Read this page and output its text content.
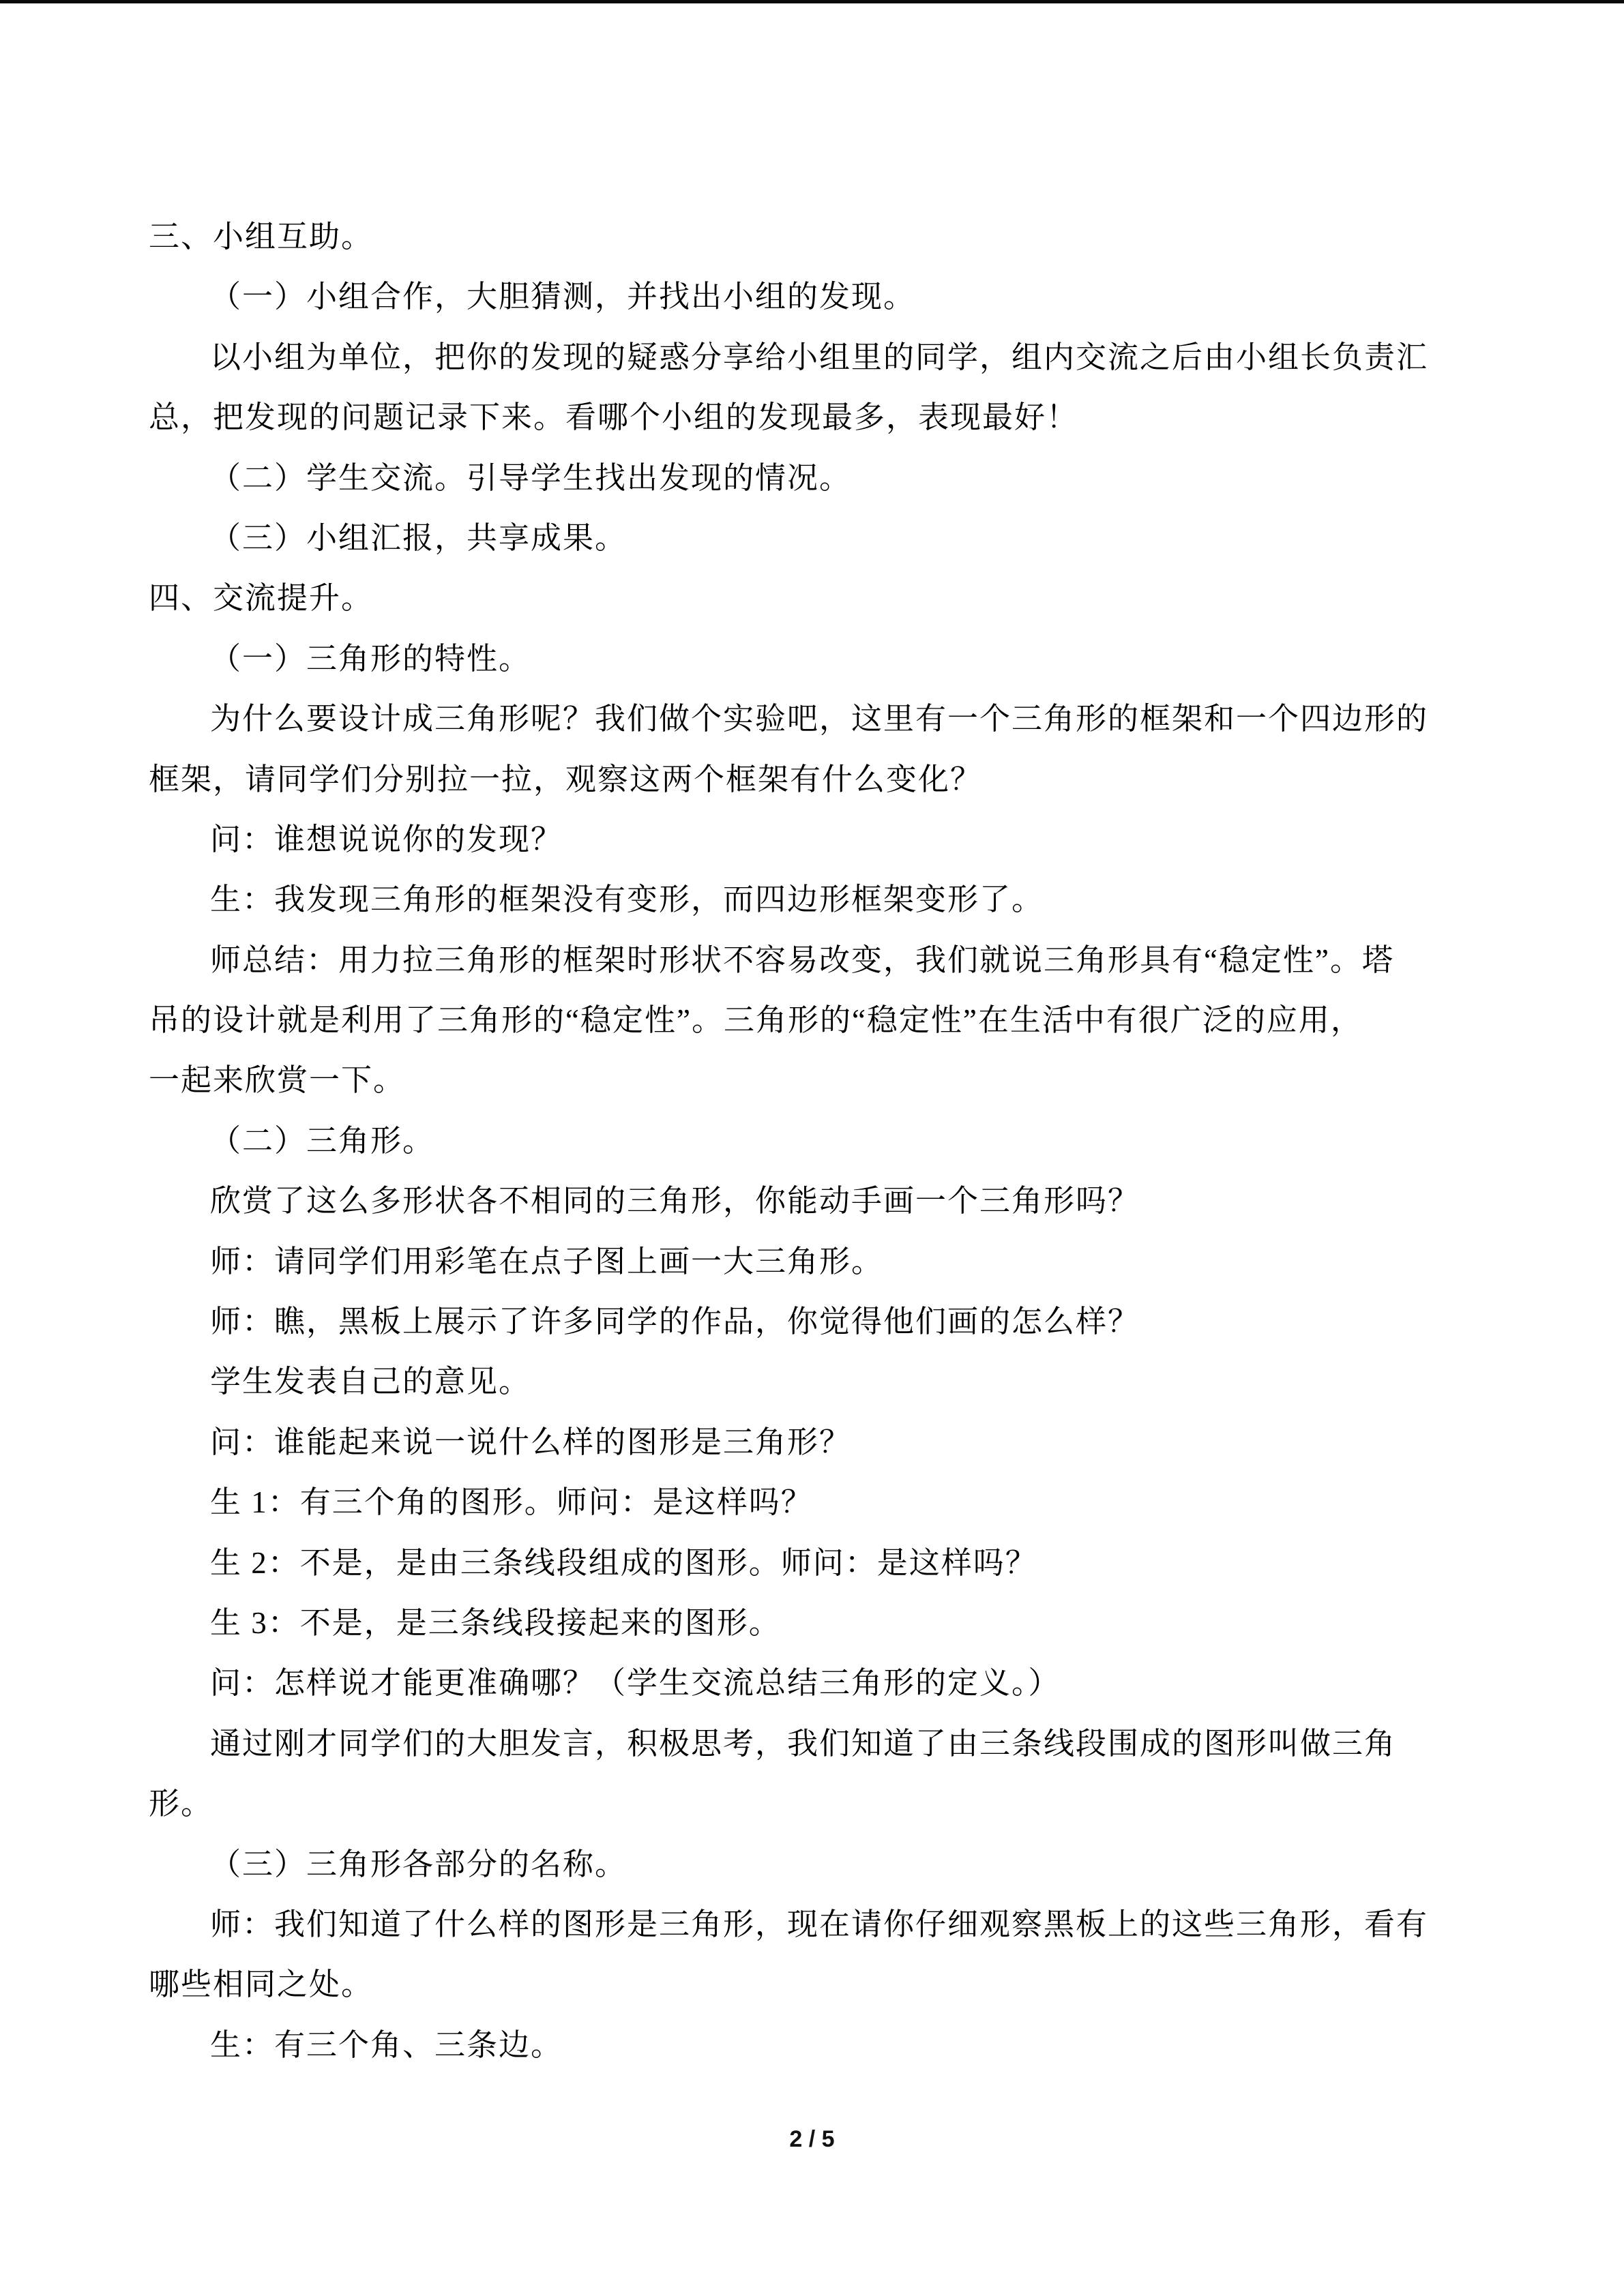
三、小组互助。
（一）小组合作，大胆猜测，并找出小组的发现。
以小组为单位，把你的发现的疑惑分享给小组里的同学，组内交流之后由小组长负责汇
总，把发现的问题记录下来。看哪个小组的发现最多，表现最好！
（二）学生交流。引导学生找出发现的情况。
（三）小组汇报，共享成果。
四、交流提升。
（一）三角形的特性。
为什么要设计成三角形呢？我们做个实验吧，这里有一个三角形的框架和一个四边形的
框架，请同学们分别拉一拉，观察这两个框架有什么变化？
问：谁想说说你的发现？
生：我发现三角形的框架没有变形，而四边形框架变形了。
师总结：用力拉三角形的框架时形状不容易改变，我们就说三角形具有“稳定性”。塔
吊的设计就是利用了三角形的“稳定性”。三角形的“稳定性”在生活中有很广泛的应用，
一起来欣赏一下。
（二）三角形。
欣赏了这么多形状各不相同的三角形，你能动手画一个三角形吗？
师：请同学们用彩笔在点子图上画一大三角形。
师：瞧，黑板上展示了许多同学的作品，你觉得他们画的怎么样？
学生发表自己的意见。
问：谁能起来说一说什么样的图形是三角形？
生 1：有三个角的图形。师问：是这样吗？
生 2：不是，是由三条线段组成的图形。师问：是这样吗？
生 3：不是，是三条线段接起来的图形。
问：怎样说才能更准确哪？（学生交流总结三角形的定义。）
通过刚才同学们的大胆发言，积极思考，我们知道了由三条线段围成的图形叫做三角
形。
（三）三角形各部分的名称。
师：我们知道了什么样的图形是三角形，现在请你仔细观察黑板上的这些三角形，看有
哪些相同之处。
生：有三个角、三条边。
2 / 5
